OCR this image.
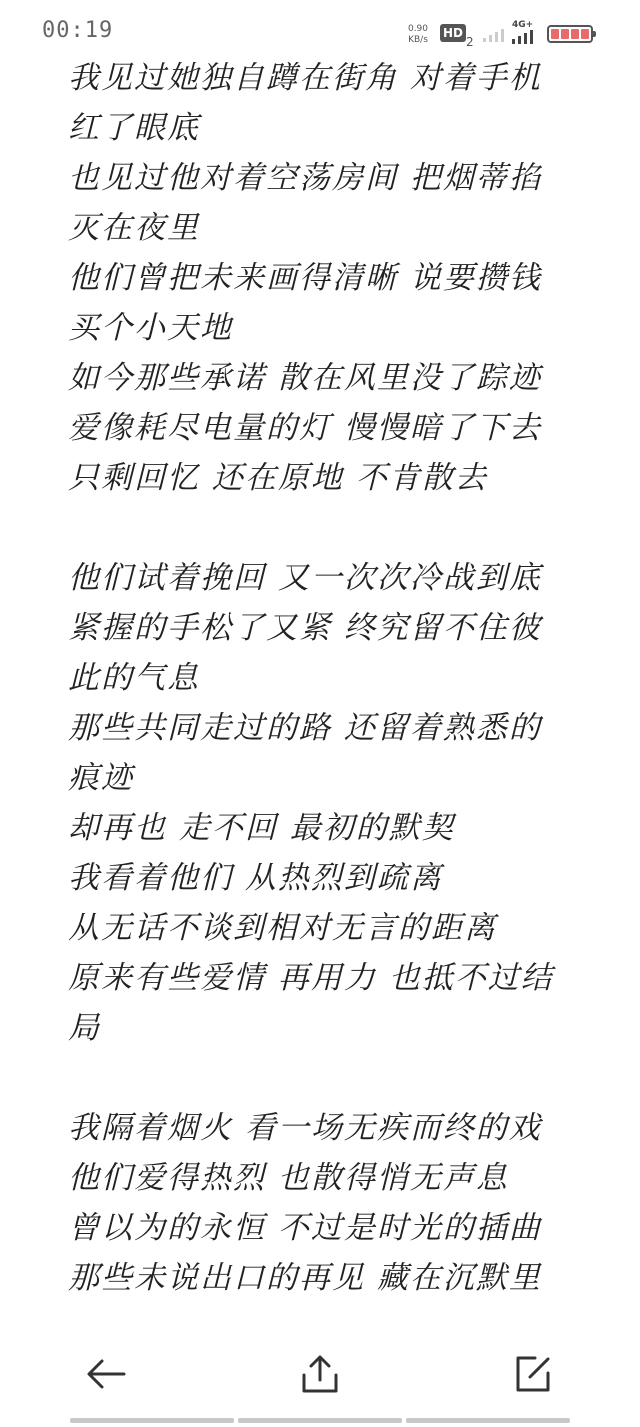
00:19	0.90
KB/s	$HD_2$
4G+
我见过她独自蹲在街角 对着手机
红了眼底
也见过他对着空荡房间 把烟蒂掐
灭在夜里
他们曾把未来画得清晰 说要攒钱
买个小天地
如今那些承诺 散在风里没了踪迹
爱像耗尽电量的灯 慢慢暗了下去
只剩回忆 还在原地 不肯散去
他们试着挽回 又一次次冷战到底
紧握的手松了又紧 终究留不住彼
此的气息
那些共同走过的路 还留着熟悉的
痕迹
却再也 走不回 最初的默契
我看着他们 从热烈到疏离
从无话不谈到相对无言的距离
原来有些爱情 再用力 也抵不过结
局
我隔着烟火 看一场无疾而终的戏
他们爱得热烈 也散得悄无声息
曾以为的永恒 不过是时光的插曲
那些未说出口的再见 藏在沉默里
